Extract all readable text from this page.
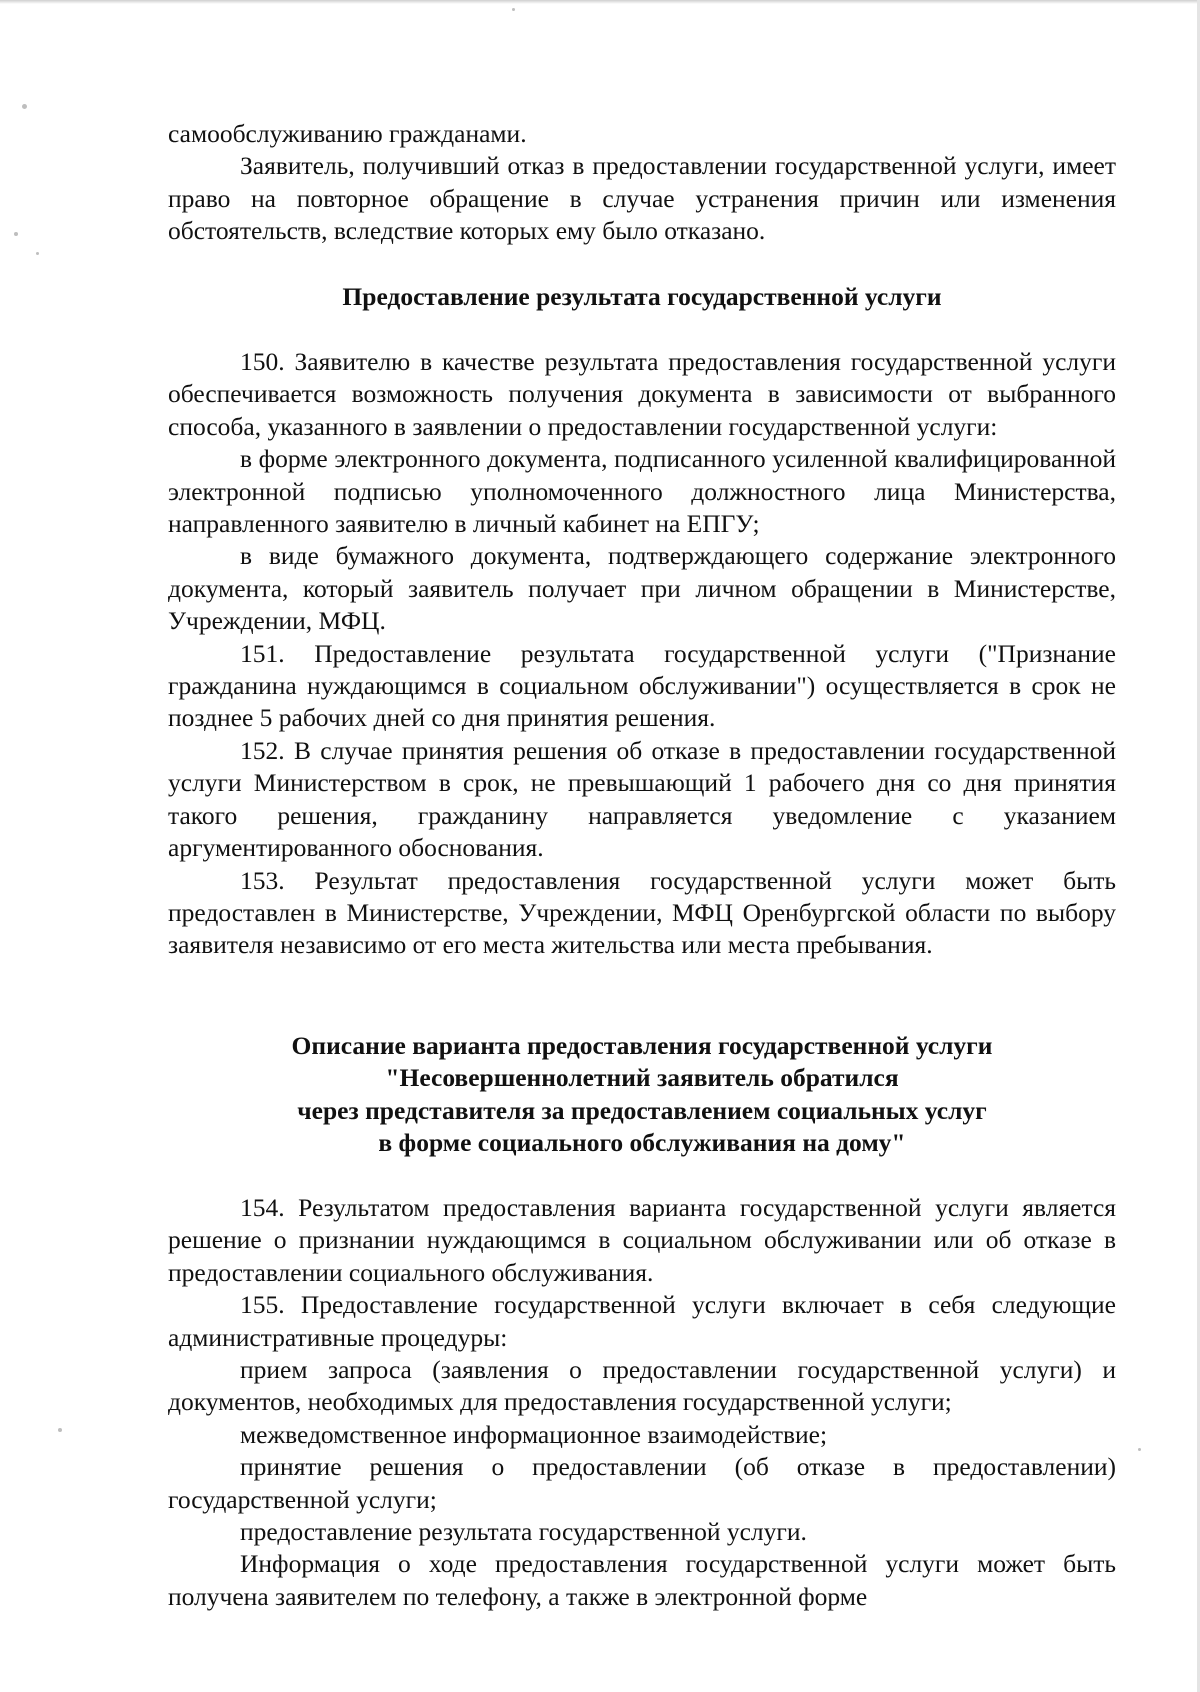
самообслуживанию гражданами.

Заявитель, получивший отказ в предоставлении государственной услуги, имеет право на повторное обращение в случае устранения причин или изменения обстоятельств, вследствие которых ему было отказано.

Предоставление результата государственной услуги

150. Заявителю в качестве результата предоставления государственной услуги обеспечивается возможность получения документа в зависимости от выбранного способа, указанного в заявлении о предоставлении государственной услуги:

в форме электронного документа, подписанного усиленной квалифицированной электронной подписью уполномоченного должностного лица Министерства, направленного заявителю в личный кабинет на ЕПГУ;

в виде бумажного документа, подтверждающего содержание электронного документа, который заявитель получает при личном обращении в Министерстве, Учреждении, МФЦ.

151. Предоставление результата государственной услуги ("Признание гражданина нуждающимся в социальном обслуживании") осуществляется в срок не позднее 5 рабочих дней со дня принятия решения.

152. В случае принятия решения об отказе в предоставлении государственной услуги Министерством в срок, не превышающий 1 рабочего дня со дня принятия такого решения, гражданину направляется уведомление с указанием аргументированного обоснования.

153. Результат предоставления государственной услуги может быть предоставлен в Министерстве, Учреждении, МФЦ Оренбургской области по выбору заявителя независимо от его места жительства или места пребывания.

Описание варианта предоставления государственной услуги

"Несовершеннолетний заявитель обратился

через представителя за предоставлением социальных услуг

в форме социального обслуживания на дому"

154. Результатом предоставления варианта государственной услуги является решение о признании нуждающимся в социальном обслуживании или об отказе в предоставлении социального обслуживания.

155. Предоставление государственной услуги включает в себя следующие административные процедуры:

прием запроса (заявления о предоставлении государственной услуги) и документов, необходимых для предоставления государственной услуги;

межведомственное информационное взаимодействие;

принятие решения о предоставлении (об отказе в предоставлении) государственной услуги;

предоставление результата государственной услуги.

Информация о ходе предоставления государственной услуги может быть получена заявителем по телефону, а также в электронной форме
